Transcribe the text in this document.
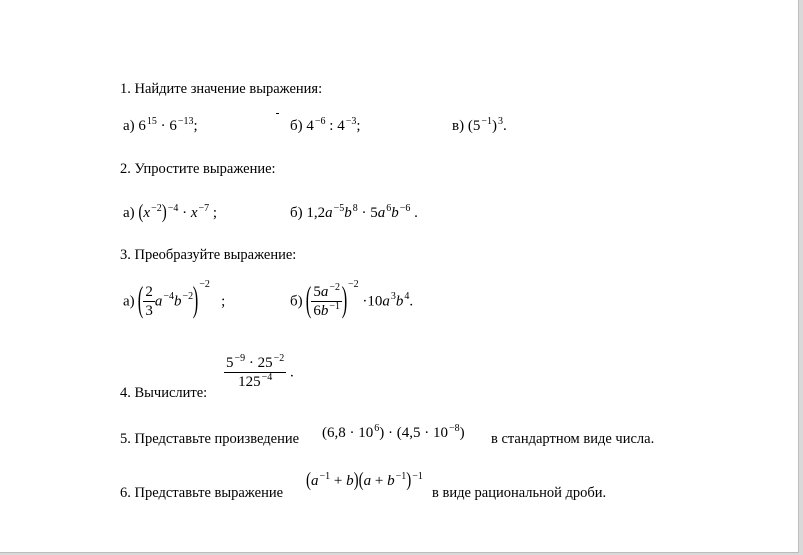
1. Найдите значение выражения:
а) $6^{15} \cdot 6^{-13}$;	б) $4^{-6}$ : $4^{-3}$;	в) $(5^{-1})^3$.
2. Упростите выражение:
а) $(x^{-2})^{-4} \cdot x^{-7}$ ;	б) $1,2a^{-5}b^8 \cdot 5a^6b^{-6}$ .
3. Преобразуйте выражение:
а) ( $\frac{2}{3} a^{-4}b^{-2})^{-2}$   ;	б) ( $\frac{5a^{-2}}{6b^{-1}} )^{-2} \cdot 10a^3b^4$.
4. Вычислите:
$\frac{5^{-9} \cdot 25^{-2}}{125^{-4}}$ .
5. Представьте произведение $(6,8 \cdot 10^6) \cdot (4,5 \cdot 10^{-8})$ в стандартном виде числа.
6. Представьте выражение
$(a^{-1} + b)(a + b^{-1})^{-1}$
в виде рациональной дроби.
